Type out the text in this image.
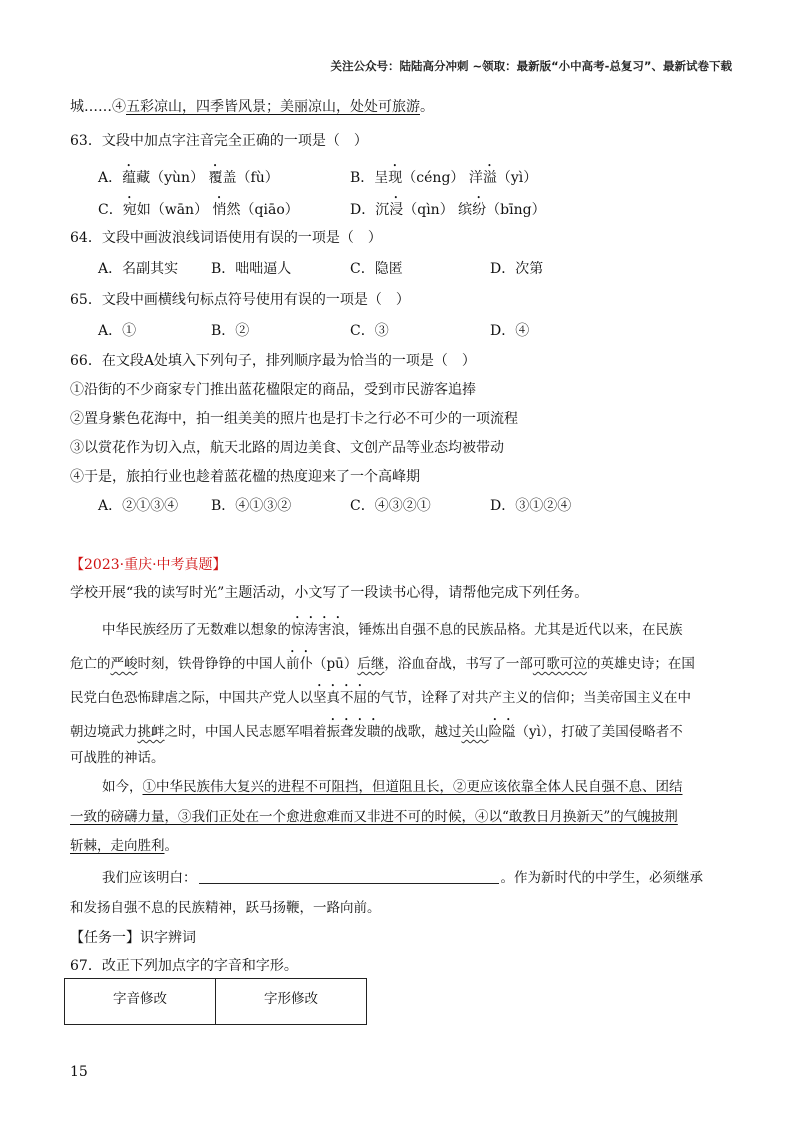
关注公众号：陆陆高分冲刺 ~领取：最新版“小中高考-总复习”、最新试卷下载
城……④五彩凉山，四季皆风景；美丽凉山，处处可旅游。
63．文段中加点字注音完全正确的一项是（　）
A．蕴藏（yùn） 覆盖（fù）	B．呈现（céng） 洋溢（yì）
C．宛如（wān） 悄然（qiāo）	D．沉浸（qìn） 缤纷（bīng）
64．文段中画波浪线词语使用有误的一项是（　）
A．名副其实 B．咄咄逼人	C．隐匿	D．次第
65．文段中画横线句标点符号使用有误的一项是（　）
A．①	B．②	C．③	D．④
66．在文段A处填入下列句子，排列顺序最为恰当的一项是（　）
①沿街的不少商家专门推出蓝花楹限定的商品，受到市民游客追捧
②置身紫色花海中，拍一组美美的照片也是打卡之行必不可少的一项流程
③以赏花作为切入点，航天北路的周边美食、文创产品等业态均被带动
④于是，旅拍行业也趁着蓝花楹的热度迎来了一个高峰期
A．②①③④ B．④①③②	C．④③②①	D．③①②④
【2023·重庆·中考真题】
学校开展“我的读写时光”主题活动，小文写了一段读书心得，请帮他完成下列任务。
中华民族经历了无数难以想象的惊涛害浪，锤炼出自强不息的民族品格。尤其是近代以来，在民族
危亡的严峻时刻，铁骨铮铮的中国人前仆（pū）后继，浴血奋战，书写了一部可歌可泣的英雄史诗；在国
民党白色恐怖肆虐之际，中国共产党人以坚真不屈的气节，诠释了对共产主义的信仰；当美帝国主义在中
朝边境武力挑衅之时，中国人民志愿军唱着振聋发聩的战歌，越过关山险隘（yì），打破了美国侵略者不
可战胜的神话。
如今，①中华民族伟大复兴的进程不可阻挡，但道阻且长，②更应该依靠全体人民自强不息、团结
一致的磅礴力量，③我们正处在一个愈进愈难而又非进不可的时候，④以“敢教日月换新天”的气魄披荆
斩棘，走向胜利。
我们应该明白：	。作为新时代的中学生，必须继承
和发扬自强不息的民族精神，跃马扬鞭，一路向前。
【任务一】识字辨词
67．改正下列加点字的字音和字形。
字音修改	字形修改
15
